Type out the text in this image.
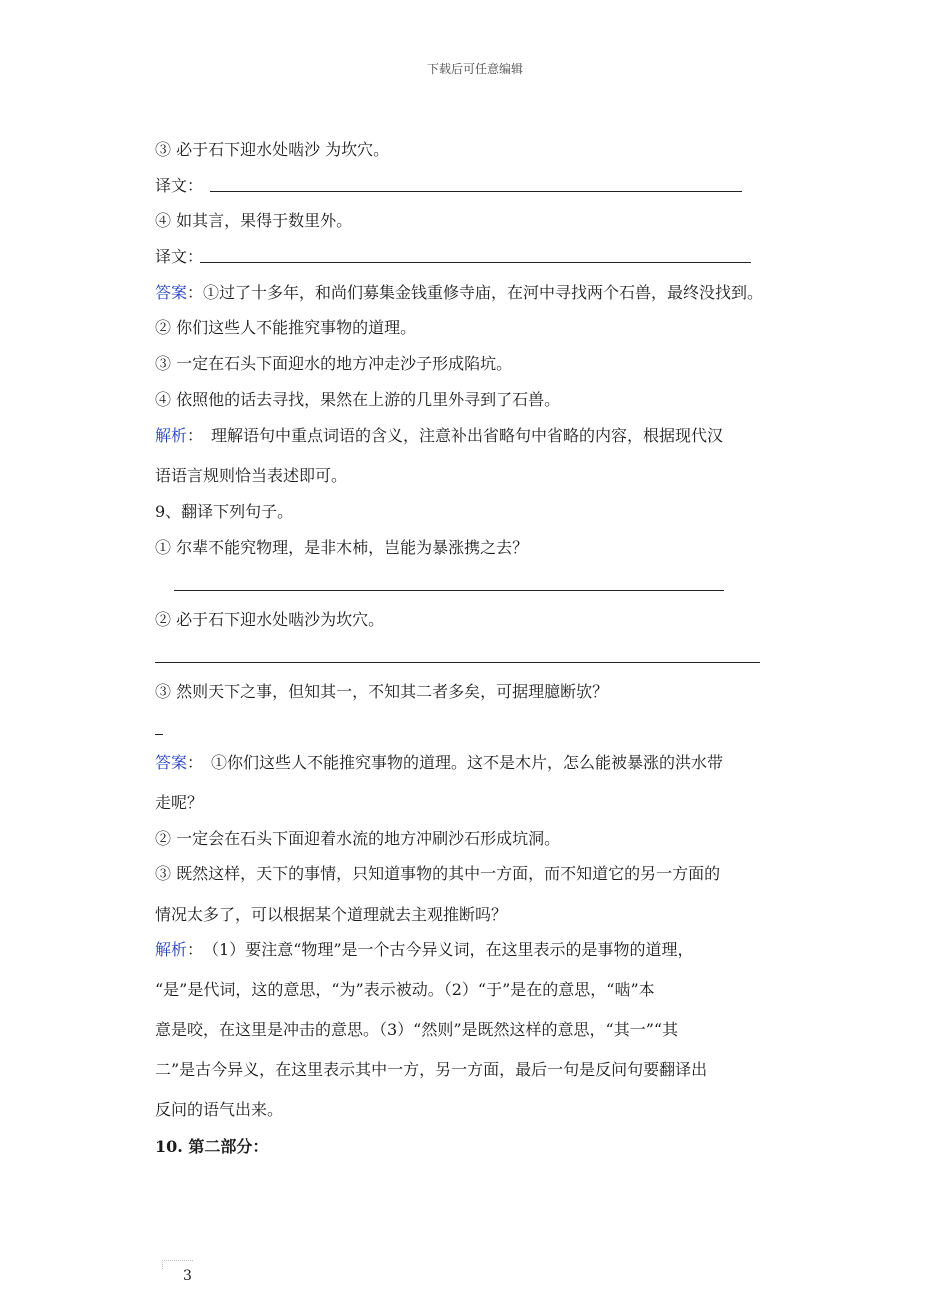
下载后可任意编辑
③ 必于石下迎水处啮沙 为坎穴。
译文：
④ 如其言，果得于数里外。
译文：
答案：①过了十多年，和尚们募集金钱重修寺庙，在河中寻找两个石兽，最终没找到。
② 你们这些人不能推究事物的道理。
③ 一定在石头下面迎水的地方冲走沙子形成陷坑。
④ 依照他的话去寻找，果然在上游的几里外寻到了石兽。
解析：　理解语句中重点词语的含义，注意补出省略句中省略的内容，根据现代汉
语语言规则恰当表述即可。
9、翻译下列句子。
① 尔辈不能究物理，是非木杮，岂能为暴涨携之去？
② 必于石下迎水处啮沙为坎穴。
③ 然则天下之事，但知其一，不知其二者多矣，可据理臆断欤？
答案：　①你们这些人不能推究事物的道理。这不是木片，怎么能被暴涨的洪水带
走呢？
② 一定会在石头下面迎着水流的地方冲刷沙石形成坑洞。
③ 既然这样，天下的事情，只知道事物的其中一方面，而不知道它的另一方面的
情况太多了，可以根据某个道理就去主观推断吗？
解析：　（1）要注意“物理”是一个古今异义词，在这里表示的是事物的道理，
“是”是代词，这的意思，“为”表示被动。（2）“于”是在的意思，“啮”本
意是咬，在这里是冲击的意思。（3）“然则”是既然这样的意思，“其一”“其
二”是古今异义，在这里表示其中一方，另一方面，最后一句是反问句要翻译出
反问的语气出来。
10. 第二部分：
3
